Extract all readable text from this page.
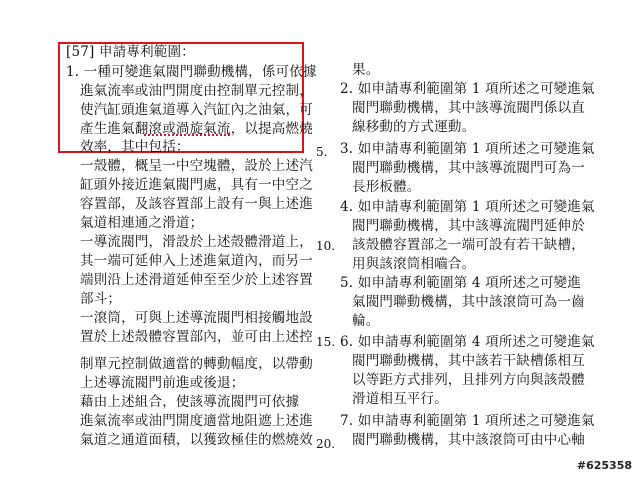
[57] 申請專利範圍：
1. 一種可變進氣閥門聯動機構，係可依據
進氣流率或油門開度由控制單元控制，
使汽缸頭進氣道導入汽缸內之油氣，可
產生進氣翻滾或渦旋氣流，以提高燃燒
效率，其中包括：
一殼體，概呈一中空塊體，設於上述汽
缸頭外接近進氣閥門處，具有一中空之
容置部，及該容置部上設有一與上述進
氣道相連通之滑道；
一導流閥門，滑設於上述殼體滑道上，
其一端可延伸入上述進氣道內，而另一
端則沿上述滑道延伸至至少於上述容置
部斗；
一滾筒，可與上述導流閥門相接觸地設
置於上述殼體容置部內，並可由上述控
制單元控制做適當的轉動幅度，以帶動
上述導流閥門前進或後退；
藉由上述組合，使該導流閥門可依據
進氣流率或油門開度適當地阻遮上述進
氣道之通道面積，以獲致極佳的燃燒效
5.
10.
15.
20.
果。
2. 如申請專利範圍第 1 項所述之可變進氣
閥門聯動機構，其中該導流閥門係以直
線移動的方式運動。
3. 如申請專利範圍第 1 項所述之可變進氣
閥門聯動機構，其中該導流閥門可為一
長形板體。
4. 如申請專利範圍第 1 項所述之可變進氣
閥門聯動機構，其中該導流閥門延伸於
該殼體容置部之一端可設有若干缺槽，
用與該滾筒相嚙合。
5. 如申請專利範圍第 4 項所述之可變進
氣閥門聯動機構，其中該滾筒可為一齒
輪。
6. 如申請專利範圍第 4 項所述之可變進氣
閥門聯動機構，其中該若干缺槽係相互
以等距方式排列，且排列方向與該殼體
滑道相互平行。
7. 如申請專利範圍第 1 項所述之可變進氣
閥門聯動機構，其中該滾筒可由中心軸
#625358
